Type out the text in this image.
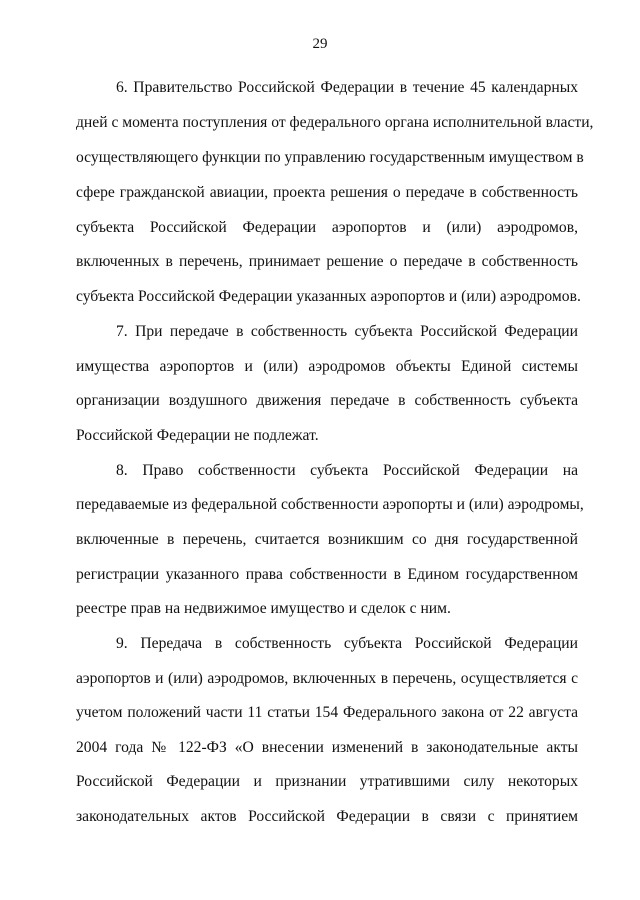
29
6. Правительство Российской Федерации в течение 45 календарных
дней с момента поступления от федерального органа исполнительной власти,
осуществляющего функции по управлению государственным имуществом в
сфере гражданской авиации, проекта решения о передаче в собственность
субъекта Российской Федерации аэропортов и (или) аэродромов,
включенных в перечень, принимает решение о передаче в собственность
субъекта Российской Федерации указанных аэропортов и (или) аэродромов.
7. При передаче в собственность субъекта Российской Федерации
имущества аэропортов и (или) аэродромов объекты Единой системы
организации воздушного движения передаче в собственность субъекта
Российской Федерации не подлежат.
8. Право собственности субъекта Российской Федерации на
передаваемые из федеральной собственности аэропорты и (или) аэродромы,
включенные в перечень, считается возникшим со дня государственной
регистрации указанного права собственности в Едином государственном
реестре прав на недвижимое имущество и сделок с ним.
9. Передача в собственность субъекта Российской Федерации
аэропортов и (или) аэродромов, включенных в перечень, осуществляется с
учетом положений части 11 статьи 154 Федерального закона от 22 августа
2004 года № 122-ФЗ «О внесении изменений в законодательные акты
Российской Федерации и признании утратившими силу некоторых
законодательных актов Российской Федерации в связи с принятием
